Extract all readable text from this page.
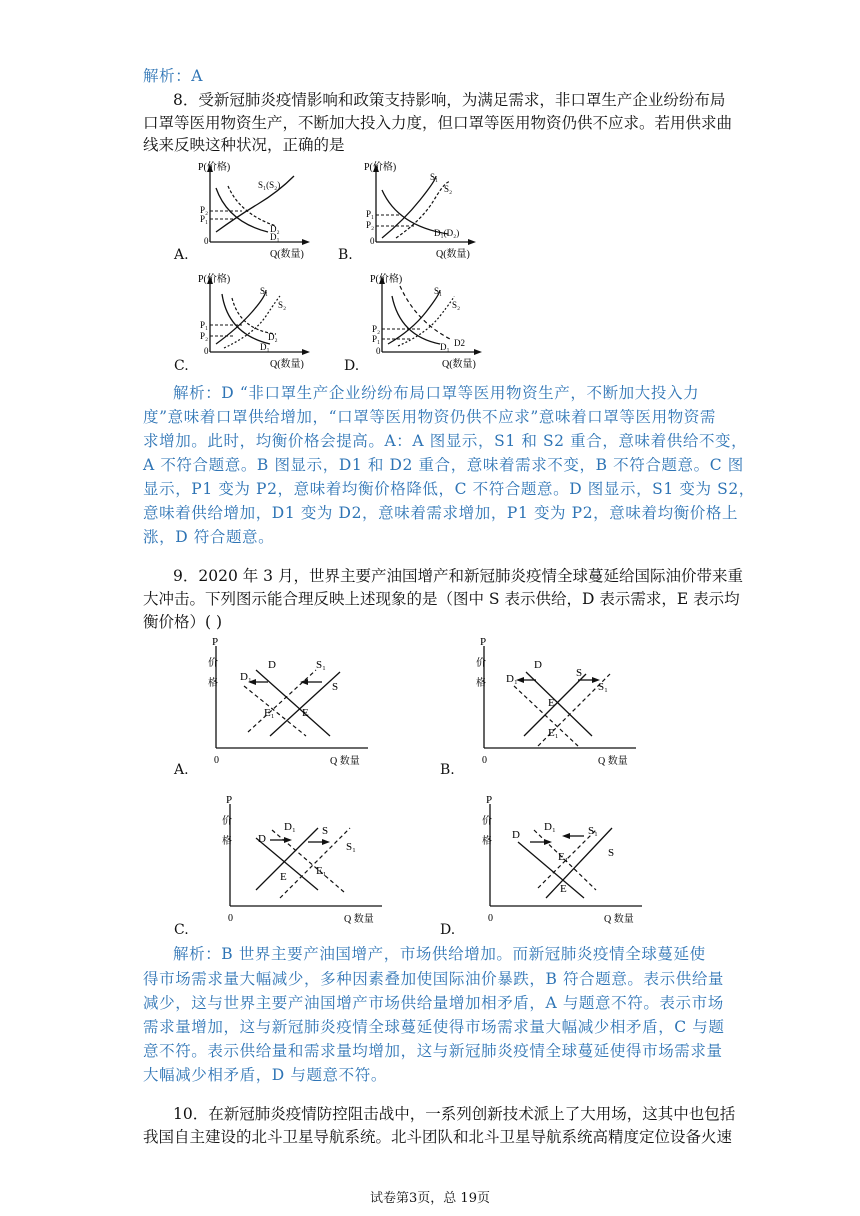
解析：A
8．受新冠肺炎疫情影响和政策支持影响，为满足需求，非口罩生产企业纷纷布局
口罩等医用物资生产，不断加大投入力度，但口罩等医用物资仍供不应求。若用供求曲
线来反映这种状况，正确的是
P(价格)
Q(数量)
0
P₂
P₁
S₁(S₂)
D₂
D₁
A.
P(价格)
Q(数量)
0
P₁
P₂
S₁
S₂
D₁(D₂)
B.
P(价格)
Q(数量)
0
P₁
P₂
S₁
S₂
D₂
D₁
C.
P(价格)
Q(数量)
0
P₂
P₁
S₁
S₂
D2
D₁
D.
解析：D “非口罩生产企业纷纷布局口罩等医用物资生产，不断加大投入力
度”意味着口罩供给增加，“口罩等医用物资仍供不应求”意味着口罩等医用物资需
求增加。此时，均衡价格会提高。A：A 图显示，S1 和 S2 重合，意味着供给不变，
A 不符合题意。B 图显示，D1 和 D2 重合，意味着需求不变，B 不符合题意。C 图
显示，P1 变为 P2，意味着均衡价格降低，C 不符合题意。D 图显示，S1 变为 S2，
意味着供给增加，D1 变为 D2，意味着需求增加，P1 变为 P2，意味着均衡价格上
涨，D 符合题意。
9．2020 年 3 月，世界主要产油国增产和新冠肺炎疫情全球蔓延给国际油价带来重
大冲击。下列图示能合理反映上述现象的是（图中 S 表示供给，D 表示需求，E 表示均
衡价格）( )
P
价
格
0	Q 数量
D
D₁
S₁
S
E₁ E
A.
P
价
格
0	Q 数量
D
D₁	S
S₁
E
E₁
B.
P
价
格
0	Q 数量
D
D₁ S
S₁
E	E₁
C.
P
价
格
0	Q 数量
D
D₁	S₁
S
E₁
E
D.
解析：B 世界主要产油国增产，市场供给增加。而新冠肺炎疫情全球蔓延使
得市场需求量大幅减少，多种因素叠加使国际油价暴跌，B 符合题意。表示供给量
减少，这与世界主要产油国增产市场供给量增加相矛盾，A 与题意不符。表示市场
需求量增加，这与新冠肺炎疫情全球蔓延使得市场需求量大幅减少相矛盾，C 与题
意不符。表示供给量和需求量均增加，这与新冠肺炎疫情全球蔓延使得市场需求量
大幅减少相矛盾，D 与题意不符。
10．在新冠肺炎疫情防控阻击战中，一系列创新技术派上了大用场，这其中也包括
我国自主建设的北斗卫星导航系统。北斗团队和北斗卫星导航系统高精度定位设备火速
试卷第3页，总 19页
